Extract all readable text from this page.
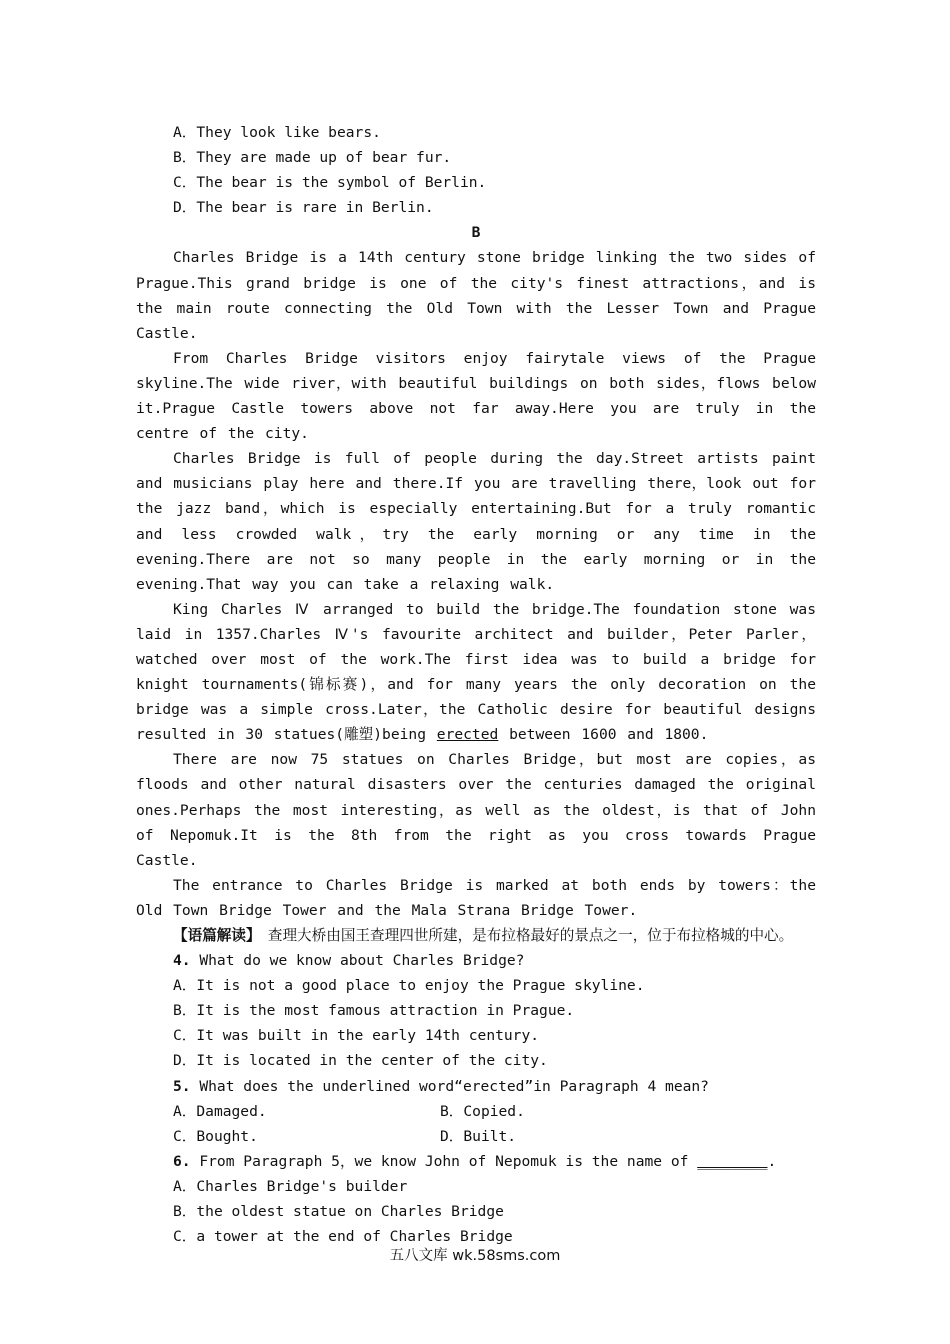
A．They look like bears.
B．They are made up of bear fur.
C．The bear is the symbol of Berlin.
D．The bear is rare in Berlin.
B
Charles Bridge is a 14th century stone bridge linking the two sides of Prague.This grand bridge is one of the city's finest attractions，and is the main route connecting the Old Town with the Lesser Town and Prague Castle.
From Charles Bridge visitors enjoy fairytale views of the Prague skyline.The wide river，with beautiful buildings on both sides，flows below it.Prague Castle towers above not far away.Here you are truly in the centre of the city.
Charles Bridge is full of people during the day.Street artists paint and musicians play here and there.If you are travelling there，look out for the jazz band，which is especially entertaining.But for a truly romantic and less crowded walk，try the early morning or any time in the evening.There are not so many people in the early morning or in the evening.That way you can take a relaxing walk.
King Charles Ⅳ arranged to build the bridge.The foundation stone was laid in 1357.Charles Ⅳ's favourite architect and builder，Peter Parler，watched over most of the work.The first idea was to build a bridge for knight tournaments(锦标赛)，and for many years the only decoration on the bridge was a simple cross.Later，the Catholic desire for beautiful designs resulted in 30 statues(雕塑)being erected between 1600 and 1800.
There are now 75 statues on Charles Bridge，but most are copies，as floods and other natural disasters over the centuries damaged the original ones.Perhaps the most interesting，as well as the oldest，is that of John of Nepomuk.It is the 8th from the right as you cross towards Prague Castle.
The entrance to Charles Bridge is marked at both ends by towers：the Old Town Bridge Tower and the Mala Strana Bridge Tower.
【语篇解读】　查理大桥由国王查理四世所建，是布拉格最好的景点之一，位于布拉格城的中心。
4. What do we know about Charles Bridge?
A．It is not a good place to enjoy the Prague skyline.
B．It is the most famous attraction in Prague.
C．It was built in the early 14th century.
D．It is located in the center of the city.
5. What does the underlined word“erected”in Paragraph 4 mean?
A．Damaged.	B．Copied.
C．Bought.	D．Built.
6. From Paragraph 5，we know John of Nepomuk is the name of ________.
A．Charles Bridge's builder
B．the oldest statue on Charles Bridge
C．a tower at the end of Charles Bridge
五八文库 wk.58sms.com
